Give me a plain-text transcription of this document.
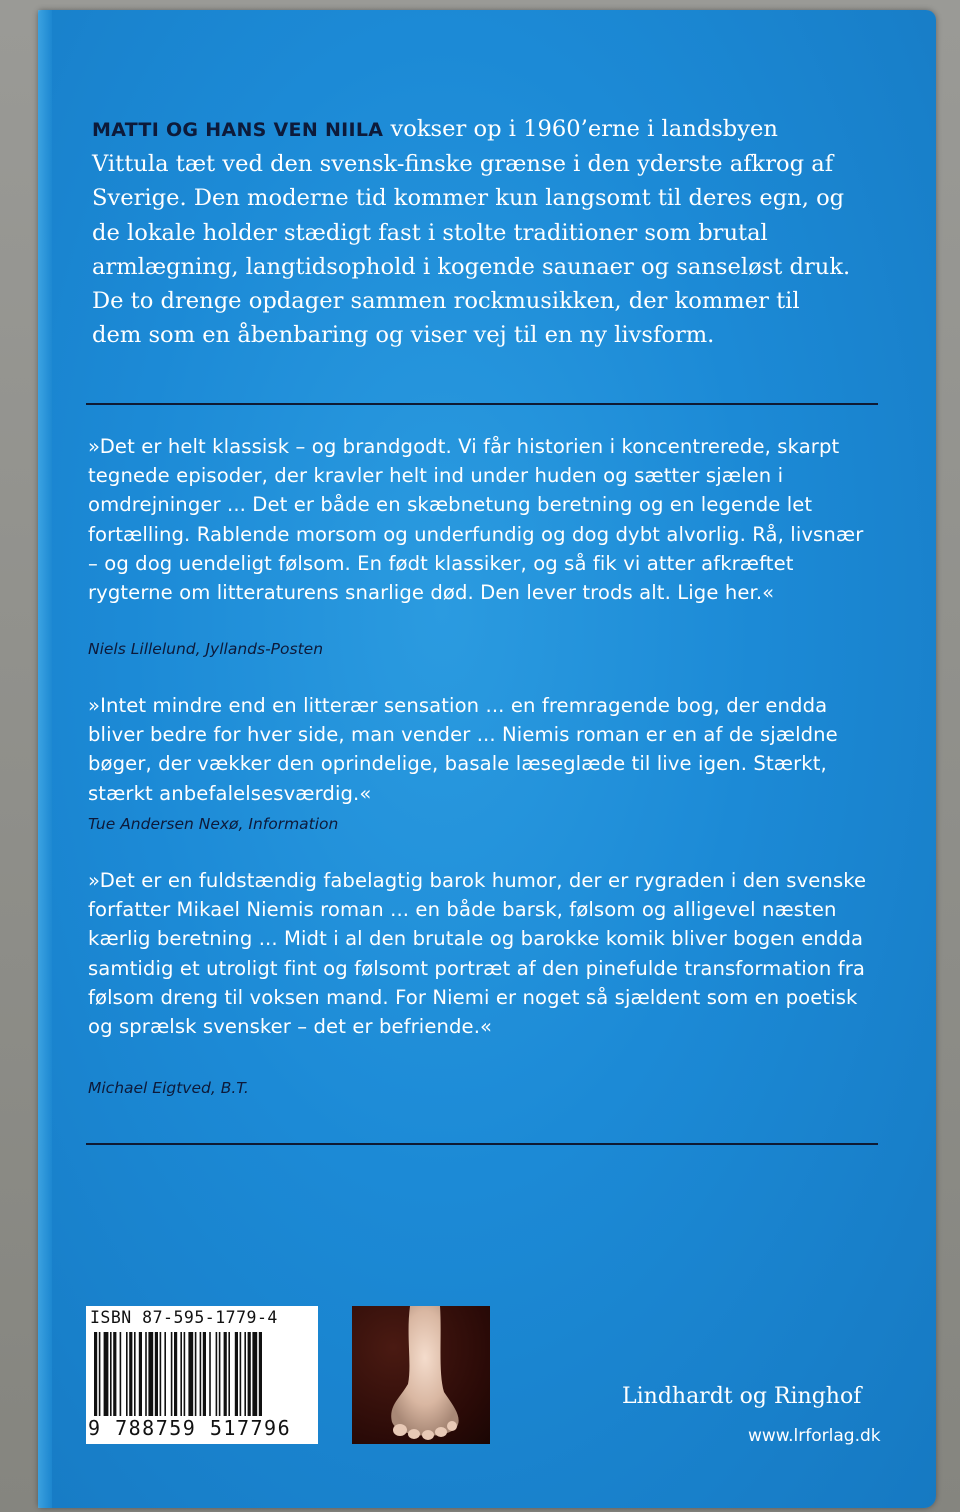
MATTI OG HANS VEN NIILA vokser op i 1960’erne i landsbyen Vittula tæt ved den svensk-finske grænse i den yderste afkrog af Sverige. Den moderne tid kommer kun langsomt til deres egn, og de lokale holder stædigt fast i stolte traditioner som brutal armlægning, langtidsophold i kogende saunaer og sanseløst druk. De to drenge opdager sammen rockmusikken, der kommer til dem som en åbenbaring og viser vej til en ny livsform.

»Det er helt klassisk – og brandgodt. Vi får historien i koncentrerede, skarpt tegnede episoder, der kravler helt ind under huden og sætter sjælen i omdrejninger ... Det er både en skæbnetung beretning og en legende let fortælling. Rablende morsom og underfundig og dog dybt alvorlig. Rå, livsnær – og dog uendeligt følsom. En født klassiker, og så fik vi atter afkræftet rygterne om litteraturens snarlige død. Den lever trods alt. Lige her.«

Niels Lillelund, Jyllands-Posten

»Intet mindre end en litterær sensation ... en fremragende bog, der endda bliver bedre for hver side, man vender ... Niemis roman er en af de sjældne bøger, der vækker den oprindelige, basale læseglæde til live igen. Stærkt, stærkt anbefalelsesværdig.«

Tue Andersen Nexø, Information

»Det er en fuldstændig fabelagtig barok humor, der er rygraden i den svenske forfatter Mikael Niemis roman ... en både barsk, følsom og alligevel næsten kærlig beretning ... Midt i al den brutale og barokke komik bliver bogen endda samtidig et utroligt fint og følsomt portræt af den pinefulde transformation fra følsom dreng til voksen mand. For Niemi er noget så sjældent som en poetisk og sprælsk svensker – det er befriende.«

Michael Eigtved, B.T.
ISBN 87-595-1779-4
9 788759 517796

Lindhardt og Ringhof

www.lrforlag.dk
